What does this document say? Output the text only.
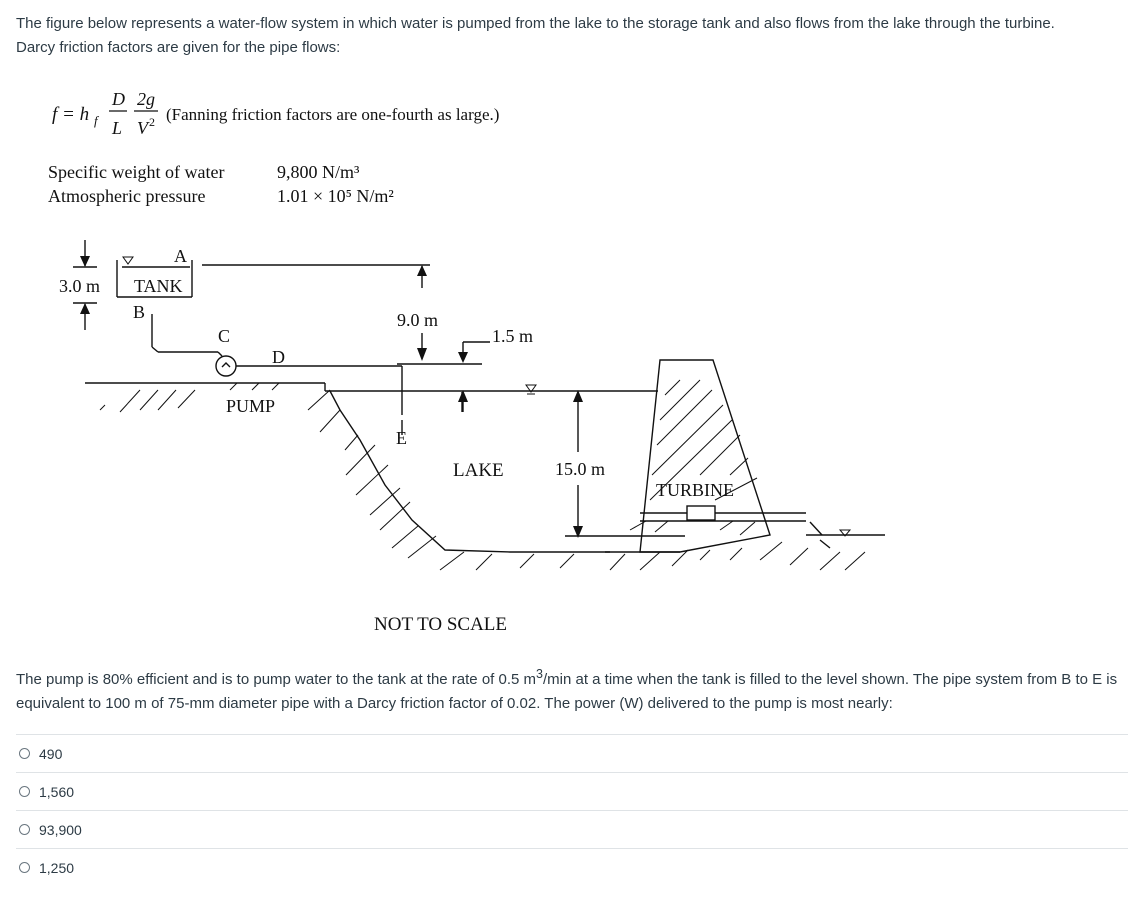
The figure below represents a water-flow system in which water is pumped from the lake to the storage tank and also flows from the lake through the turbine.
Darcy friction factors are given for the pipe flows:
f = h f
D
L
2g
V 2 (Fanning friction factors are one-fourth as large.)
Specific weight of water	9,800 N/m³
Atmospheric pressure	1.01 × 10⁵ N/m²
A
TANK
B
C
D
E
PUMP
LAKE
TURBINE
3.0 m
9.0 m
1.5 m
15.0 m
NOT TO SCALE
The pump is 80% efficient and is to pump water to the tank at the rate of 0.5 $m^3/\min$ at a time when the tank is filled to the level shown. The pipe system from B to E is equivalent to 100 m of 75-mm diameter pipe with a Darcy friction factor of 0.02. The power (W) delivered to the pump is most nearly:
490
1,560
93,900
1,250
